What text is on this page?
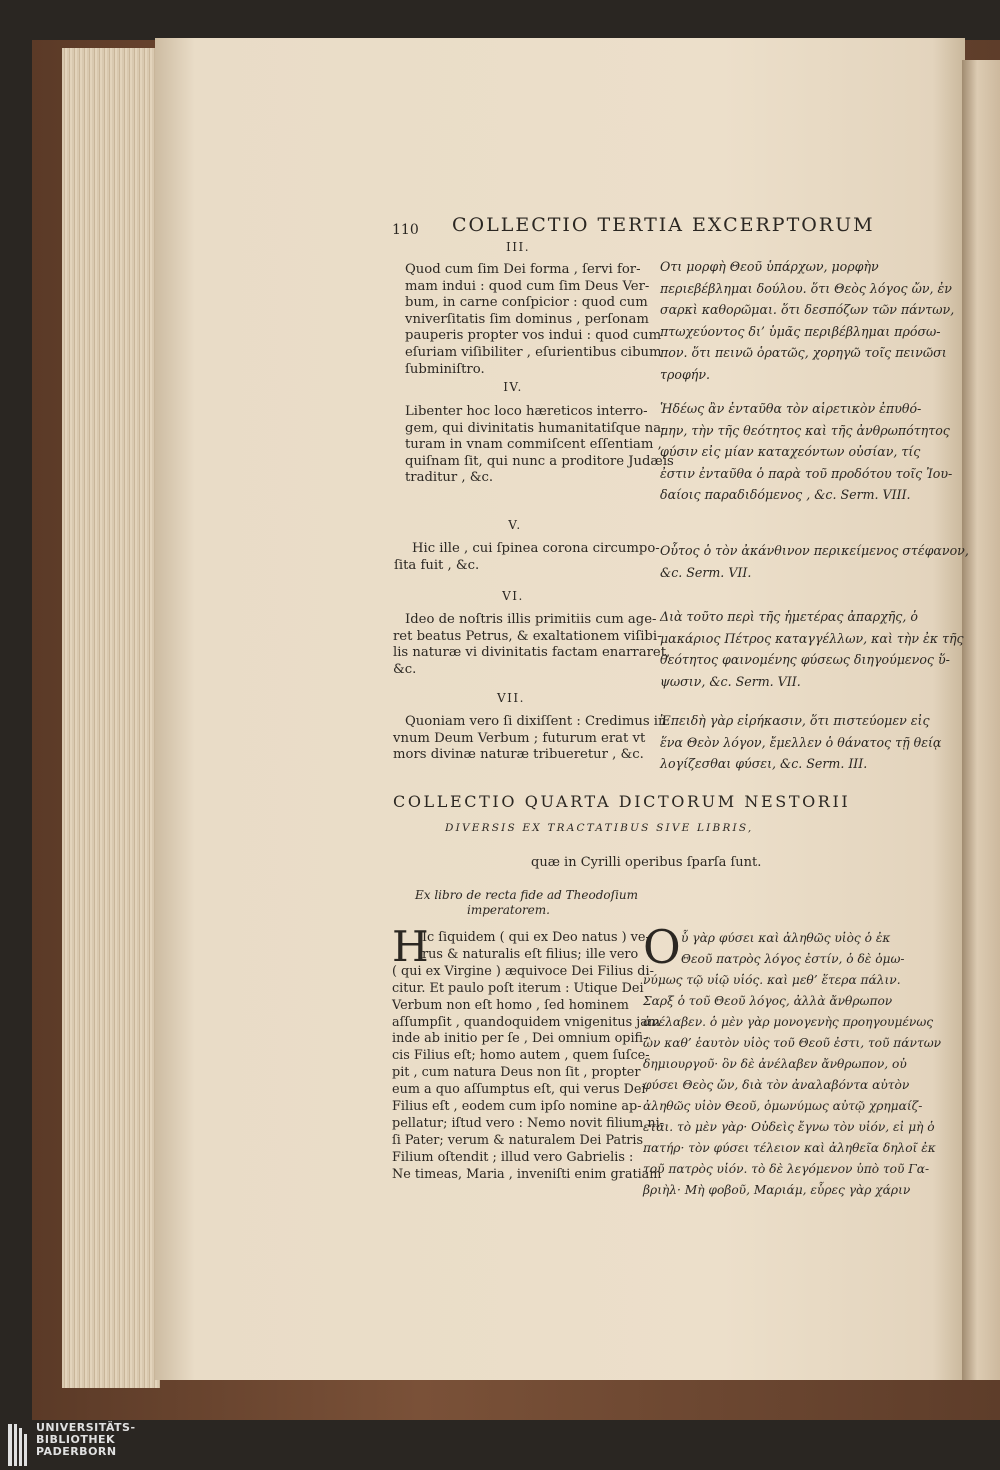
110 COLLECTIO TERTIA EXCERPTORUM
III.
Quod cum ſim Dei forma , ſervi for-
mam indui : quod cum ſim Deus Ver-
bum, in carne conſpicior : quod cum
vniverſitatis ſim dominus , perſonam
pauperis propter vos indui : quod cum
eſuriam viſibiliter , eſurientibus cibum
ſubminiſtro.
Οτι μορφὴ Θεοῦ ὑπάρχων, μορφὴν
περιεβέβλημαι δούλου. ὅτι Θεὸς λόγος ὤν, ἐν
σαρκὶ καθορῶμαι. ὅτι δεσπόζων τῶν πάντων,
πτωχεύοντος δι’ ὑμᾶς περιβέβλημαι πρόσω-
πον. ὅτι πεινῶ ὁρατῶς, χορηγῶ τοῖς πεινῶσι
τροφήν.
IV.
Libenter hoc loco hæreticos interro-
gem, qui divinitatis humanitatiſque na-
turam in vnam commiſcent eſſentiam ,
quiſnam ſit, qui nunc a proditore Judæis
traditur , &c.
Ἡδέως ἂν ἐνταῦθα τὸν αἱρετικὸν ἐπυθό-
μην, τὴν τῆς θεότητος καὶ τῆς ἀνθρωπότητος
φύσιν εἰς μίαν καταχεόντων οὐσίαν, τίς
ἐστιν ἐνταῦθα ὁ παρὰ τοῦ προδότου τοῖς Ἰου-
δαίοις παραδιδόμενος , &c. Serm. VIII.
V.
Hic ille , cui ſpinea corona circumpo-
ſita fuit , &c.
Οὗτος ὁ τὸν ἀκάνθινον περικείμενος στέφανον,
&c. Serm. VII.
VI.
Ideo de noſtris illis primitiis cum age-
ret beatus Petrus, & exaltationem viſibi-
lis naturæ vi divinitatis factam enarraret,
&c.
Διὰ τοῦτο περὶ τῆς ἡμετέρας ἀπαρχῆς, ὁ
μακάριος Πέτρος καταγγέλλων, καὶ τὴν ἐκ τῆς
θεότητος φαινομένης φύσεως διηγούμενος ὕ-
ψωσιν, &c. Serm. VII.
VII.
Quoniam vero ſi dixiſſent : Credimus in
vnum Deum Verbum ; futurum erat vt
mors divinæ naturæ tribueretur , &c.
Ἐπειδὴ γὰρ εἰρήκασιν, ὅτι πιστεύομεν εἰς
ἕνα Θεὸν λόγον, ἔμελλεν ὁ θάνατος τῇ θείᾳ
λογίζεσθαι φύσει, &c. Serm. III.
COLLECTIO QUARTA DICTORUM NESTORII
DIVERSIS EX TRACTATIBUS SIVE LIBRIS,
quæ in Cyrilli operibus ſparſa ſunt.
Ex libro de recta fide ad Theodoſium
imperatorem.
H
Ic ſiquidem ( qui ex Deo natus ) ve-
rus & naturalis eſt filius; ille vero
( qui ex Virgine ) æquivoce Dei Filius di-
citur. Et paulo poſt iterum : Utique Dei
Verbum non eſt homo , ſed hominem
aſſumpſit , quandoquidem vnigenitus jam
inde ab initio per ſe , Dei omnium opifi-
cis Filius eſt; homo autem , quem ſuſce-
pit , cum natura Deus non ſit , propter
eum a quo aſſumptus eſt, qui verus Dei
Filius eſt , eodem cum ipſo nomine ap-
pellatur; iſtud vero : Nemo novit filium ni-
ſi Pater; verum & naturalem Dei Patris
Filium oſtendit ; illud vero Gabrielis :
Ne timeas, Maria , inveniſti enim gratiam
Ο ὗ γὰρ φύσει καὶ ἀληθῶς υἱὸς ὁ ἐκ
Θεοῦ πατρὸς λόγος ἐστίν, ὁ δὲ ὁμω-
νύμως τῷ υἱῷ υἱός. καὶ μεθ’ ἕτερα πάλιν.
Σαρξ ὁ τοῦ Θεοῦ λόγος, ἀλλὰ ἄνθρωπον
ἀνέλαβεν. ὁ μὲν γὰρ μονογενὴς προηγουμένως
ὢν καθ’ ἑαυτὸν υἱὸς τοῦ Θεοῦ ἐστι, τοῦ πάντων
δημιουργοῦ· ὃν δὲ ἀνέλαβεν ἄνθρωπον, οὐ
φύσει Θεὸς ὤν, διὰ τὸν ἀναλαβόντα αὐτὸν
ἀληθῶς υἱὸν Θεοῦ, ὁμωνύμως αὐτῷ χρημαίζ-
εται. τὸ μὲν γὰρ· Οὐδεὶς ἔγνω τὸν υἱόν, εἰ μὴ ὁ
πατήρ· τὸν φύσει τέλειον καὶ ἀληθεῖα δηλοῖ ἐκ
τοῦ πατρὸς υἱόν. τὸ δὲ λεγόμενον ὑπὸ τοῦ Γα-
βριὴλ· Μὴ φοβοῦ, Μαριάμ, εὗρες γὰρ χάριν
UNIVERSITÄTS-
BIBLIOTHEK
PADERBORN
